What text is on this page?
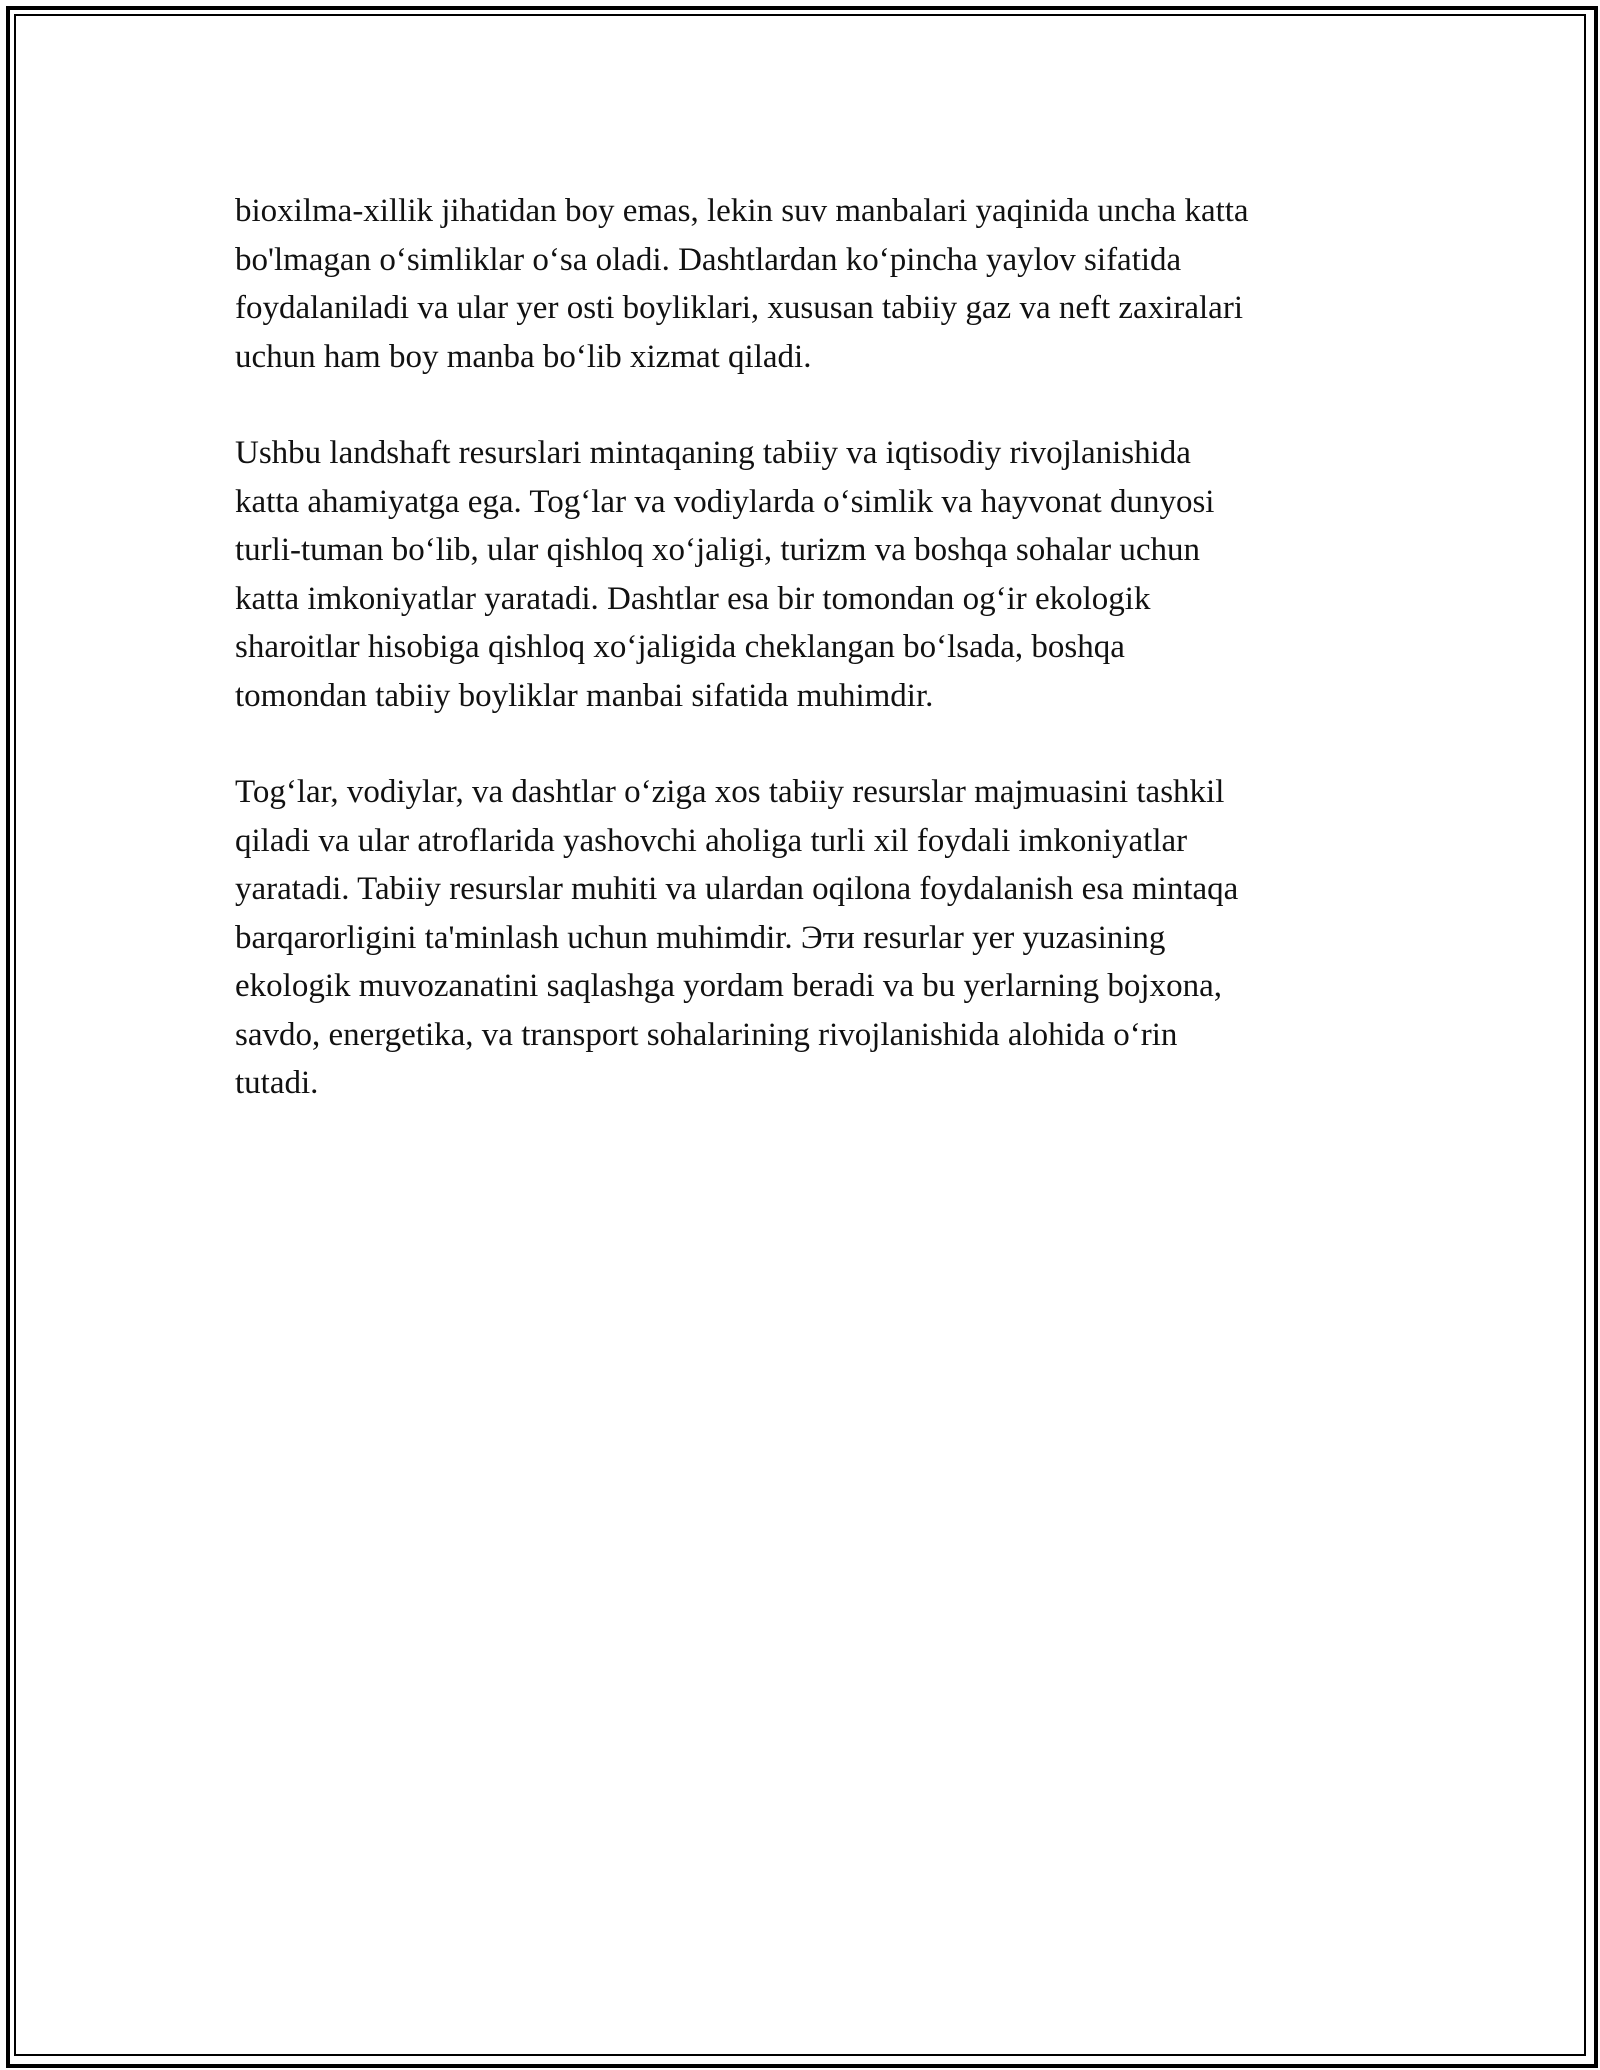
bioxilma-xillik jihatidan boy emas, lekin suv manbalari yaqinida uncha katta
bo'lmagan o‘simliklar o‘sa oladi. Dashtlardan ko‘pincha yaylov sifatida
foydalaniladi va ular yer osti boyliklari, xususan tabiiy gaz va neft zaxiralari
uchun ham boy manba bo‘lib xizmat qiladi.

Ushbu landshaft resurslari mintaqaning tabiiy va iqtisodiy rivojlanishida
katta ahamiyatga ega. Tog‘lar va vodiylarda o‘simlik va hayvonat dunyosi
turli-tuman bo‘lib, ular qishloq xo‘jaligi, turizm va boshqa sohalar uchun
katta imkoniyatlar yaratadi. Dashtlar esa bir tomondan og‘ir ekologik
sharoitlar hisobiga qishloq xo‘jaligida cheklangan bo‘lsada, boshqa
tomondan tabiiy boyliklar manbai sifatida muhimdir.

Tog‘lar, vodiylar, va dashtlar o‘ziga xos tabiiy resurslar majmuasini tashkil
qiladi va ular atroflarida yashovchi aholiga turli xil foydali imkoniyatlar
yaratadi. Tabiiy resurslar muhiti va ulardan oqilona foydalanish esa mintaqa
barqarorligini ta'minlash uchun muhimdir. Эти resurlar yer yuzasining
ekologik muvozanatini saqlashga yordam beradi va bu yerlarning bojxona,
savdo, energetika, va transport sohalarining rivojlanishida alohida o‘rin
tutadi.
